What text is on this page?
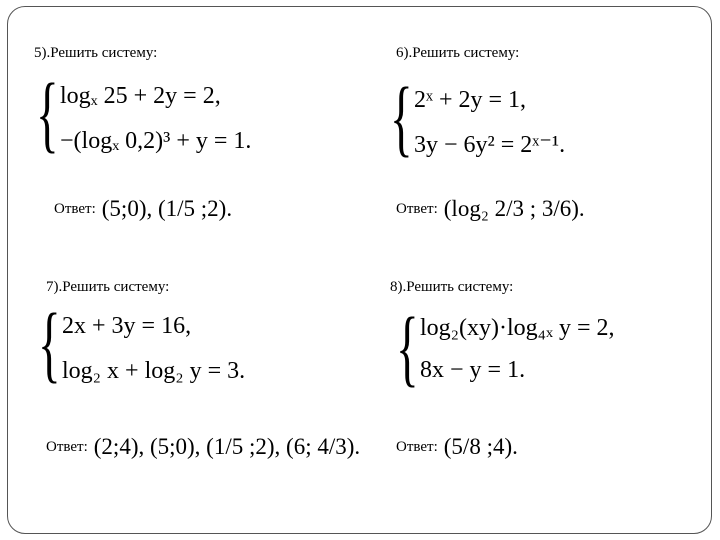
5).Решить систему:
{ logₓ 25 + 2y = 2,
−(logₓ 0,2)³ + y = 1.
Ответ: (5;0), (1/5 ;2).
6).Решить систему:
{ 2ˣ + 2y = 1,
3y − 6y² = 2ˣ⁻¹.
Ответ: (log₂ 2/3 ; 3/6).
7).Решить систему:
{ 2x + 3y = 16,
log₂ x + log₂ y = 3.
Ответ: (2;4), (5;0), (1/5 ;2), (6; 4/3).
8).Решить систему:
{ log₂(xy)·log₄ₓ y = 2,
8x − y = 1.
Ответ: (5/8 ;4).
